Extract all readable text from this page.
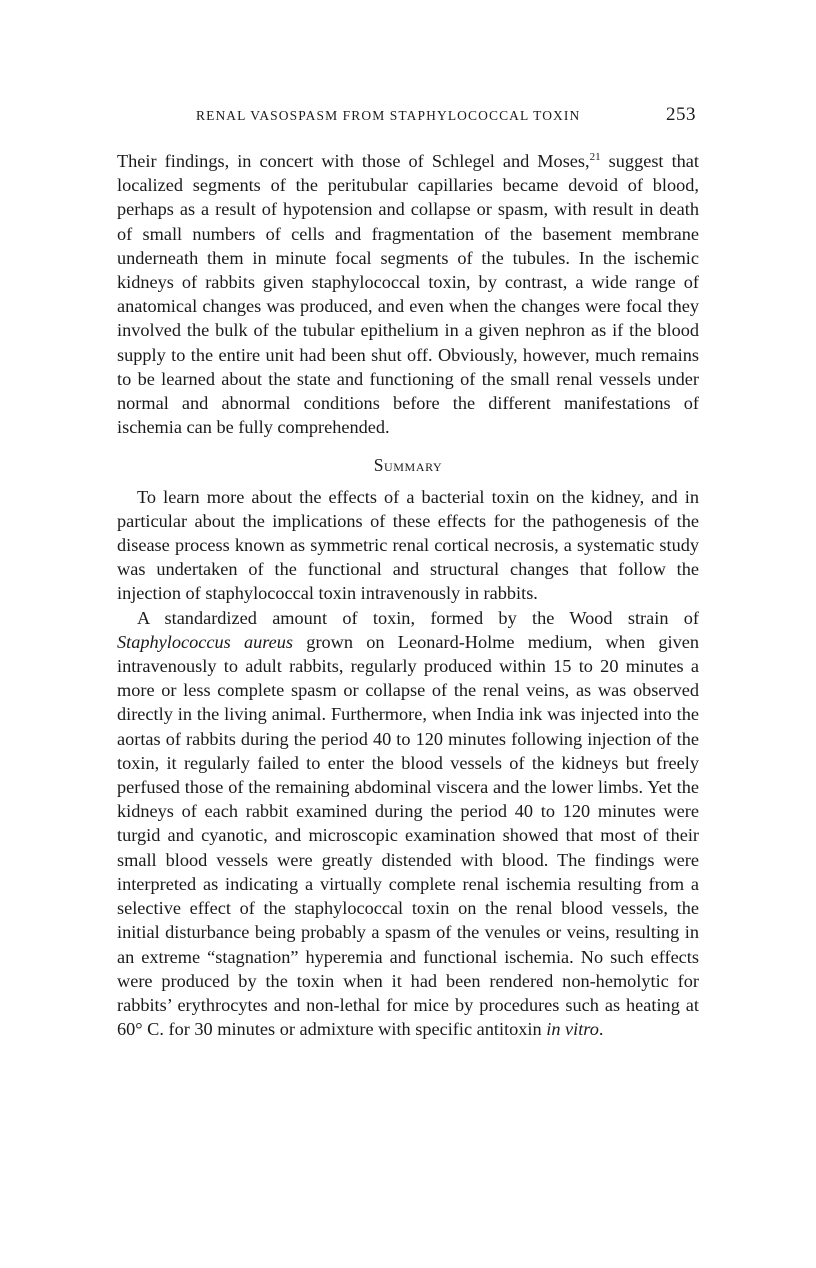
RENAL VASOSPASM FROM STAPHYLOCOCCAL TOXIN	253

Their findings, in concert with those of Schlegel and Moses,$^{21}$ suggest that localized segments of the peritubular capillaries became devoid of blood, perhaps as a result of hypotension and collapse or spasm, with result in death of small numbers of cells and fragmentation of the basement membrane underneath them in minute focal segments of the tubules. In the ischemic kidneys of rabbits given staphylococcal toxin, by contrast, a wide range of anatomical changes was produced, and even when the changes were focal they involved the bulk of the tubular epithelium in a given nephron as if the blood supply to the entire unit had been shut off. Obviously, however, much remains to be learned about the state and functioning of the small renal vessels under normal and abnormal conditions before the different manifestations of ischemia can be fully comprehended.

Summary

To learn more about the effects of a bacterial toxin on the kidney, and in particular about the implications of these effects for the pathogenesis of the disease process known as symmetric renal cortical necrosis, a systematic study was undertaken of the functional and structural changes that follow the injection of staphylococcal toxin intravenously in rabbits.

A standardized amount of toxin, formed by the Wood strain of Staphylococcus aureus grown on Leonard-Holme medium, when given intravenously to adult rabbits, regularly produced within 15 to 20 minutes a more or less complete spasm or collapse of the renal veins, as was observed directly in the living animal. Furthermore, when India ink was injected into the aortas of rabbits during the period 40 to 120 minutes following injection of the toxin, it regularly failed to enter the blood vessels of the kidneys but freely perfused those of the remaining abdominal viscera and the lower limbs. Yet the kidneys of each rabbit examined during the period 40 to 120 minutes were turgid and cyanotic, and microscopic examination showed that most of their small blood vessels were greatly distended with blood. The findings were interpreted as indicating a virtually complete renal ischemia resulting from a selective effect of the staphylococcal toxin on the renal blood vessels, the initial disturbance being probably a spasm of the venules or veins, resulting in an extreme “stagnation” hyperemia and functional ischemia. No such effects were produced by the toxin when it had been rendered non-hemolytic for rabbits’ erythrocytes and non-lethal for mice by procedures such as heating at 60° C. for 30 minutes or admixture with specific antitoxin in vitro.
